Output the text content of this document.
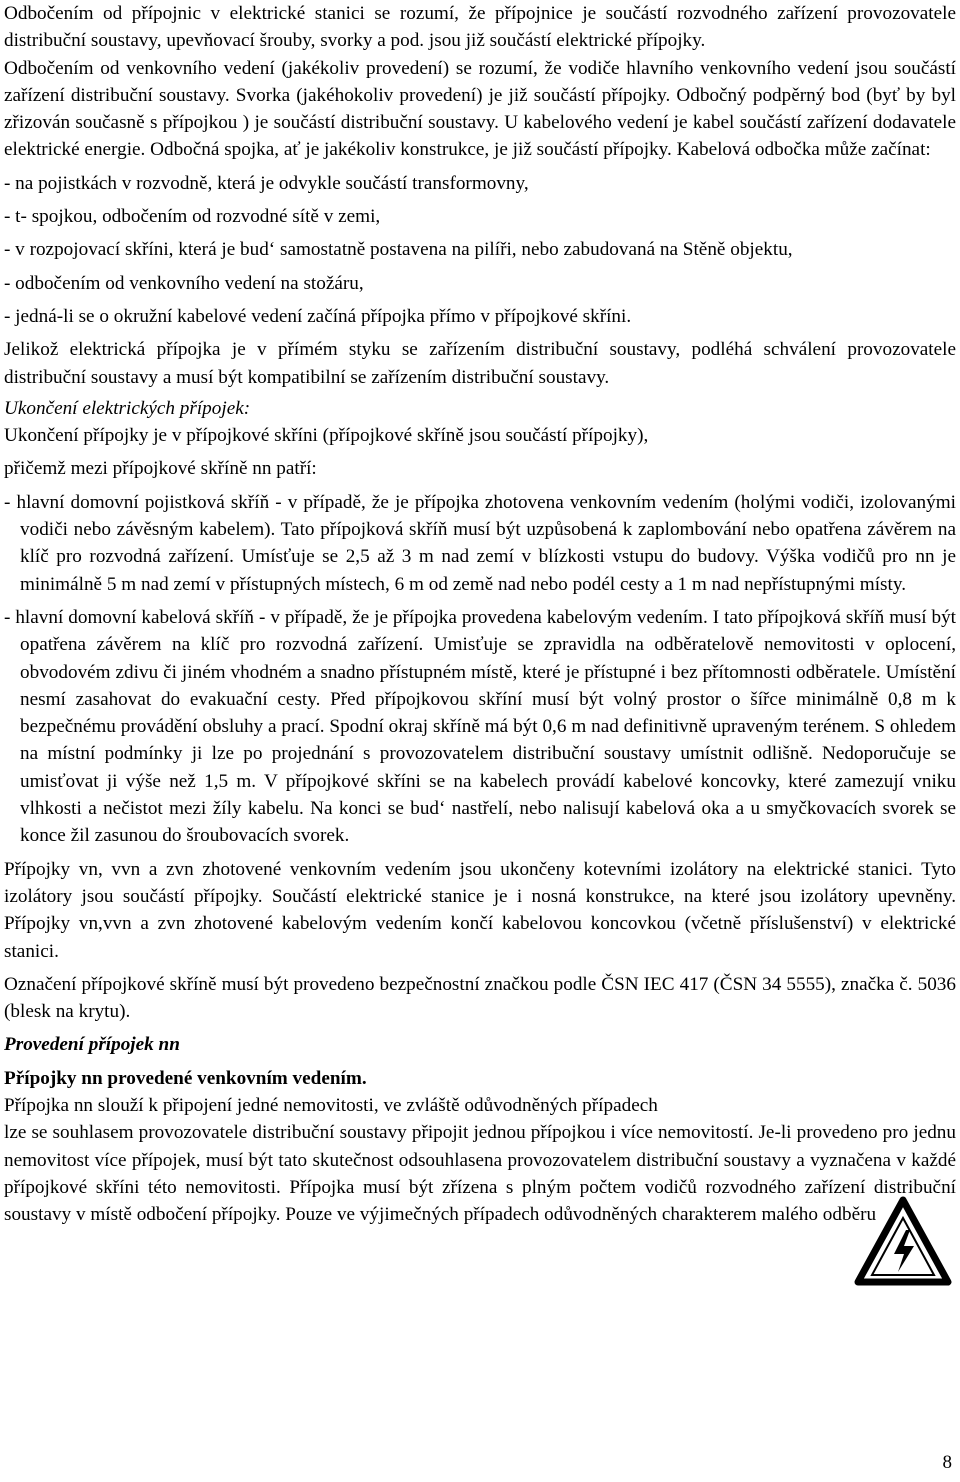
Odbočením od přípojnic v elektrické stanici se rozumí, že přípojnice je součástí rozvodného zařízení provozovatele distribuční soustavy, upevňovací šrouby, svorky a pod. jsou již součástí elektrické přípojky.

Odbočením od venkovního vedení (jakékoliv provedení) se rozumí, že vodiče hlavního venkovního vedení jsou součástí zařízení distribuční soustavy. Svorka (jakéhokoliv provedení) je již součástí přípojky. Odbočný podpěrný bod (byť by byl zřizován současně s přípojkou ) je součástí distribuční soustavy. U kabelového vedení je kabel součástí zařízení dodavatele elektrické energie. Odbočná spojka, ať je jakékoliv konstrukce, je již součástí přípojky. Kabelová odbočka může začínat:

- na pojistkách v rozvodně, která je odvykle součástí transformovny,

- t- spojkou, odbočením od rozvodné sítě v zemi,

- v rozpojovací skříni, která je bud‘ samostatně postavena na pilíři, nebo zabudovaná na Stěně objektu,

- odbočením od venkovního vedení na stožáru,

- jedná-li se o okružní kabelové vedení začíná přípojka přímo v přípojkové skříni.

Jelikož elektrická přípojka je v přímém styku se zařízením distribuční soustavy, podléhá schválení provozovatele distribuční soustavy a musí být kompatibilní se zařízením distribuční soustavy.

Ukončení elektrických přípojek:

Ukončení přípojky je v přípojkové skříni (přípojkové skříně jsou součástí přípojky),

přičemž mezi přípojkové skříně nn patří:

- hlavní domovní pojistková skříň - v případě, že je přípojka zhotovena venkovním vedením (holými vodiči, izolovanými vodiči nebo závěsným kabelem). Tato přípojková skříň musí být uzpůsobená k zaplombování nebo opatřena závěrem na klíč pro rozvodná zařízení. Umísťuje se 2,5 až 3 m nad zemí v blízkosti vstupu do budovy. Výška vodičů pro nn je minimálně 5 m nad zemí v přístupných místech, 6 m od země nad nebo podél cesty a 1 m nad nepřístupnými místy.

- hlavní domovní kabelová skříň - v případě, že je přípojka provedena kabelovým vedením. I tato přípojková skříň musí být opatřena závěrem na klíč pro rozvodná zařízení. Umisťuje se zpravidla na odběratelově nemovitosti v oplocení, obvodovém zdivu či jiném vhodném a snadno přístupném místě, které je přístupné i bez přítomnosti odběratele. Umístění nesmí zasahovat do evakuační cesty. Před přípojkovou skříní musí být volný prostor o šířce minimálně 0,8 m k bezpečnému provádění obsluhy a prací. Spodní okraj skříně má být 0,6 m nad definitivně upraveným terénem. S ohledem na místní podmínky ji lze po projednání s provozovatelem distribuční soustavy umístnit odlišně. Nedoporučuje se umisťovat ji výše než 1,5 m. V přípojkové skříni se na kabelech provádí kabelové koncovky, které zamezují vniku vlhkosti a nečistot mezi žíly kabelu. Na konci se bud‘ nastřelí, nebo nalisují kabelová oka a u smyčkovacích svorek se konce žil zasunou do šroubovacích svorek.

Přípojky vn, vvn a zvn zhotovené venkovním vedením jsou ukončeny kotevními izolátory na elektrické stanici. Tyto izolátory jsou součástí přípojky. Součástí elektrické stanice je i nosná konstrukce, na které jsou izolátory upevněny. Přípojky vn,vvn a zvn zhotovené kabelovým vedením končí kabelovou koncovkou (včetně příslušenství) v elektrické stanici.

Označení přípojkové skříně musí být provedeno bezpečnostní značkou podle ČSN IEC 417 (ČSN 34 5555), značka č. 5036 (blesk na krytu).

Provedení přípojek nn

Přípojky nn provedené venkovním vedením.

Přípojka nn slouží k připojení jedné nemovitosti, ve zvláště odůvodněných případech

lze se souhlasem provozovatele distribuční soustavy připojit jednou přípojkou i více nemovitostí. Je-li provedeno pro jednu nemovitost více přípojek, musí být tato skutečnost odsouhlasena provozovatelem distribuční soustavy a vyznačena v každé přípojkové skříni této nemovitosti. Přípojka musí být zřízena s plným počtem vodičů rozvodného zařízení distribuční soustavy v místě odbočení přípojky. Pouze ve výjimečných případech odůvodněných charakterem malého odběru

8
